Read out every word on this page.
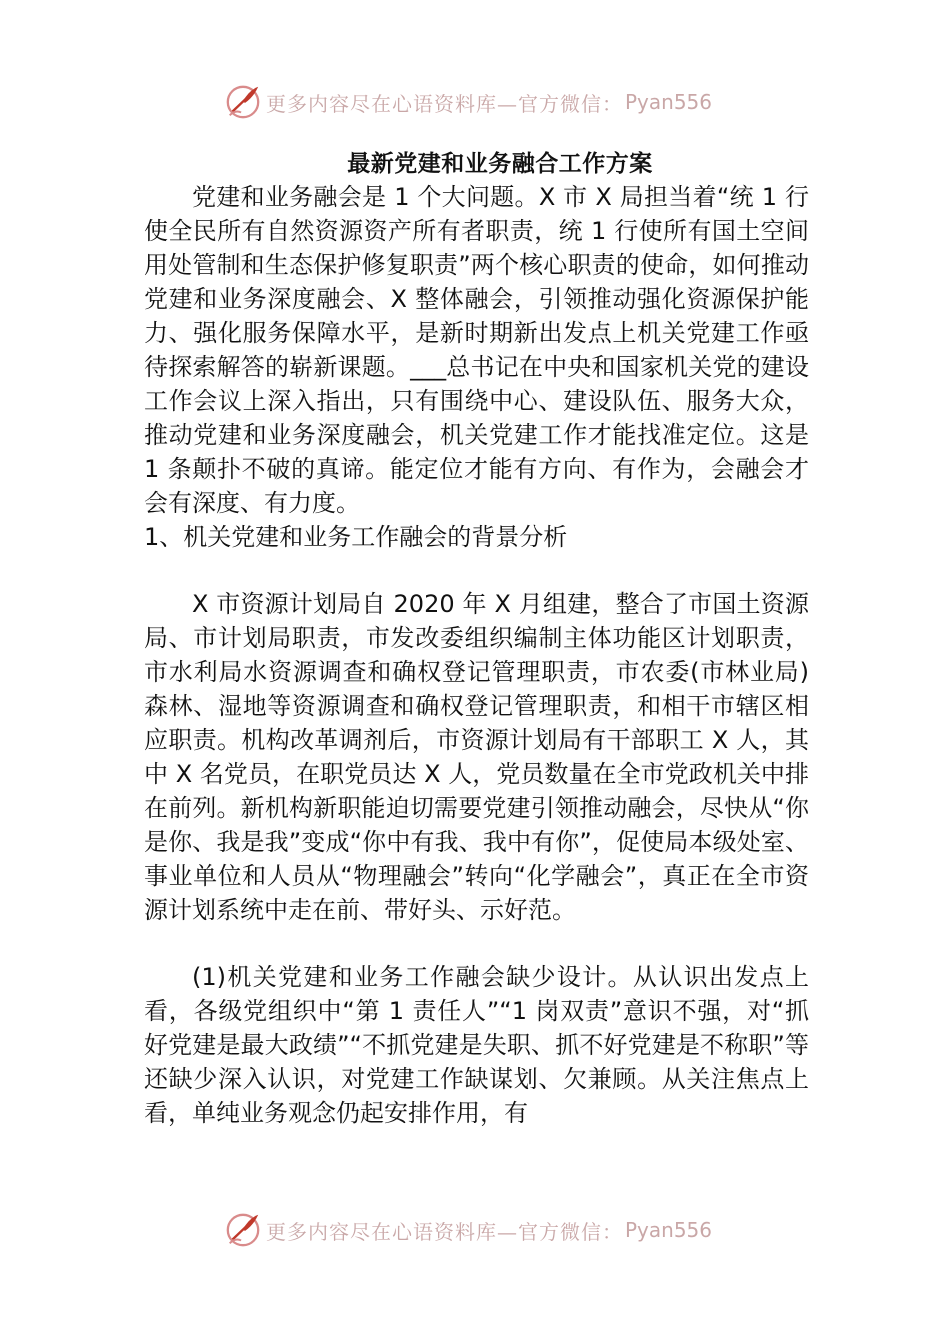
更多内容尽在心语资料库—官方微信： Pyan556
最新党建和业务融合工作方案

党建和业务融会是 1 个大问题。X 市 X 局担当着“统 1 行使全民所有自然资源资产所有者职责，统 1 行使所有国土空间用处管制和生态保护修复职责”两个核心职责的使命，如何推动党建和业务深度融会、X 整体融会，引领推动强化资源保护能力、强化服务保障水平，是新时期新出发点上机关党建工作亟待探索解答的崭新课题。___总书记在中央和国家机关党的建设工作会议上深入指出，只有围绕中心、建设队伍、服务大众，推动党建和业务深度融会，机关党建工作才能找准定位。这是 1 条颠扑不破的真谛。能定位才能有方向、有作为，会融会才会有深度、有力度。

1、机关党建和业务工作融会的背景分析

X 市资源计划局自 2020 年 X 月组建，整合了市国土资源局、市计划局职责，市发改委组织编制主体功能区计划职责，市水利局水资源调查和确权登记管理职责，市农委(市林业局)森林、湿地等资源调查和确权登记管理职责，和相干市辖区相应职责。机构改革调剂后，市资源计划局有干部职工 X 人，其中 X 名党员，在职党员达 X 人，党员数量在全市党政机关中排在前列。新机构新职能迫切需要党建引领推动融会，尽快从“你是你、我是我”变成“你中有我、我中有你”，促使局本级处室、事业单位和人员从“物理融会”转向“化学融会”，真正在全市资源计划系统中走在前、带好头、示好范。

(1)机关党建和业务工作融会缺少设计。从认识出发点上看，各级党组织中“第 1 责任人”“1 岗双责”意识不强，对“抓好党建是最大政绩”“不抓党建是失职、抓不好党建是不称职”等还缺少深入认识，对党建工作缺谋划、欠兼顾。从关注焦点上看，单纯业务观念仍起安排作用，有

更多内容尽在心语资料库—官方微信： Pyan556
